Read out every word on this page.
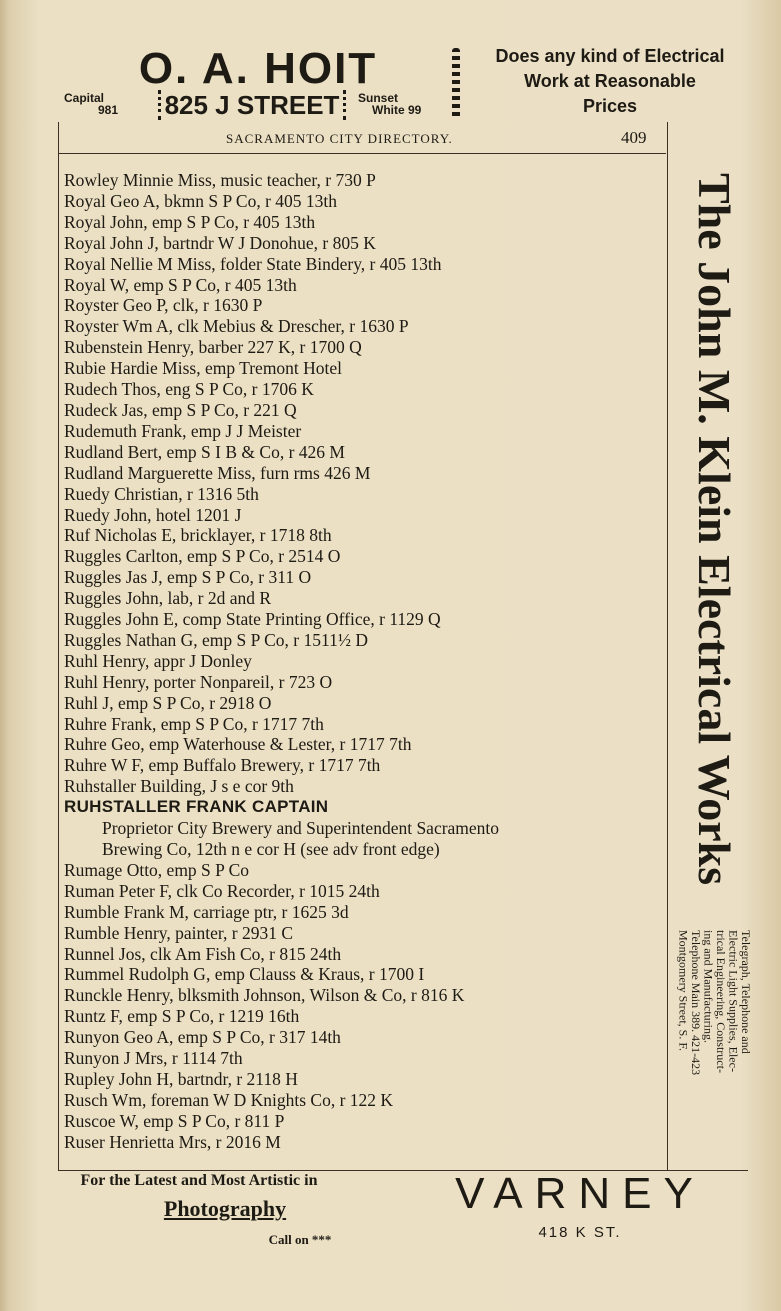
O. A. HOIT
Capital
981 825 J STREET	Sunset
White 99
Does any kind of Electrical
Work at Reasonable
Prices
SACRAMENTO CITY DIRECTORY.	409
Rowley Minnie Miss, music teacher, r 730 P
Royal Geo A, bkmn S P Co, r 405 13th
Royal John, emp S P Co, r 405 13th
Royal John J, bartndr W J Donohue, r 805 K
Royal Nellie M Miss, folder State Bindery, r 405 13th
Royal W, emp S P Co, r 405 13th
Royster Geo P, clk, r 1630 P
Royster Wm A, clk Mebius & Drescher, r 1630 P
Rubenstein Henry, barber 227 K, r 1700 Q
Rubie Hardie Miss, emp Tremont Hotel
Rudech Thos, eng S P Co, r 1706 K
Rudeck Jas, emp S P Co, r 221 Q
Rudemuth Frank, emp J J Meister
Rudland Bert, emp S I B & Co, r 426 M
Rudland Marguerette Miss, furn rms 426 M
Ruedy Christian, r 1316 5th
Ruedy John, hotel 1201 J
Ruf Nicholas E, bricklayer, r 1718 8th
Ruggles Carlton, emp S P Co, r 2514 O
Ruggles Jas J, emp S P Co, r 311 O
Ruggles John, lab, r 2d and R
Ruggles John E, comp State Printing Office, r 1129 Q
Ruggles Nathan G, emp S P Co, r 1511½ D
Ruhl Henry, appr J Donley
Ruhl Henry, porter Nonpareil, r 723 O
Ruhl J, emp S P Co, r 2918 O
Ruhre Frank, emp S P Co, r 1717 7th
Ruhre Geo, emp Waterhouse & Lester, r 1717 7th
Ruhre W F, emp Buffalo Brewery, r 1717 7th
Ruhstaller Building, J s e cor 9th
RUHSTALLER FRANK CAPTAIN
Proprietor City Brewery and Superintendent Sacramento
Brewing Co, 12th n e cor H (see adv front edge)
Rumage Otto, emp S P Co
Ruman Peter F, clk Co Recorder, r 1015 24th
Rumble Frank M, carriage ptr, r 1625 3d
Rumble Henry, painter, r 2931 C
Runnel Jos, clk Am Fish Co, r 815 24th
Rummel Rudolph G, emp Clauss & Kraus, r 1700 I
Runckle Henry, blksmith Johnson, Wilson & Co, r 816 K
Runtz F, emp S P Co, r 1219 16th
Runyon Geo A, emp S P Co, r 317 14th
Runyon J Mrs, r 1114 7th
Rupley John H, bartndr, r 2118 H
Rusch Wm, foreman W D Knights Co, r 122 K
Ruscoe W, emp S P Co, r 811 P
Ruser Henrietta Mrs, r 2016 M
The John M. Klein Electrical Works
Telegraph, Telephone and
Electric Light Supplies, Elec-
trical Engineering, Construct-
ing and Manufacturing.
Telephone Main 389. 421-423
Montgomery Street, S. F.
For the Latest and Most Artistic in
Photography
Call on ***
VARNEY
418 K ST.
